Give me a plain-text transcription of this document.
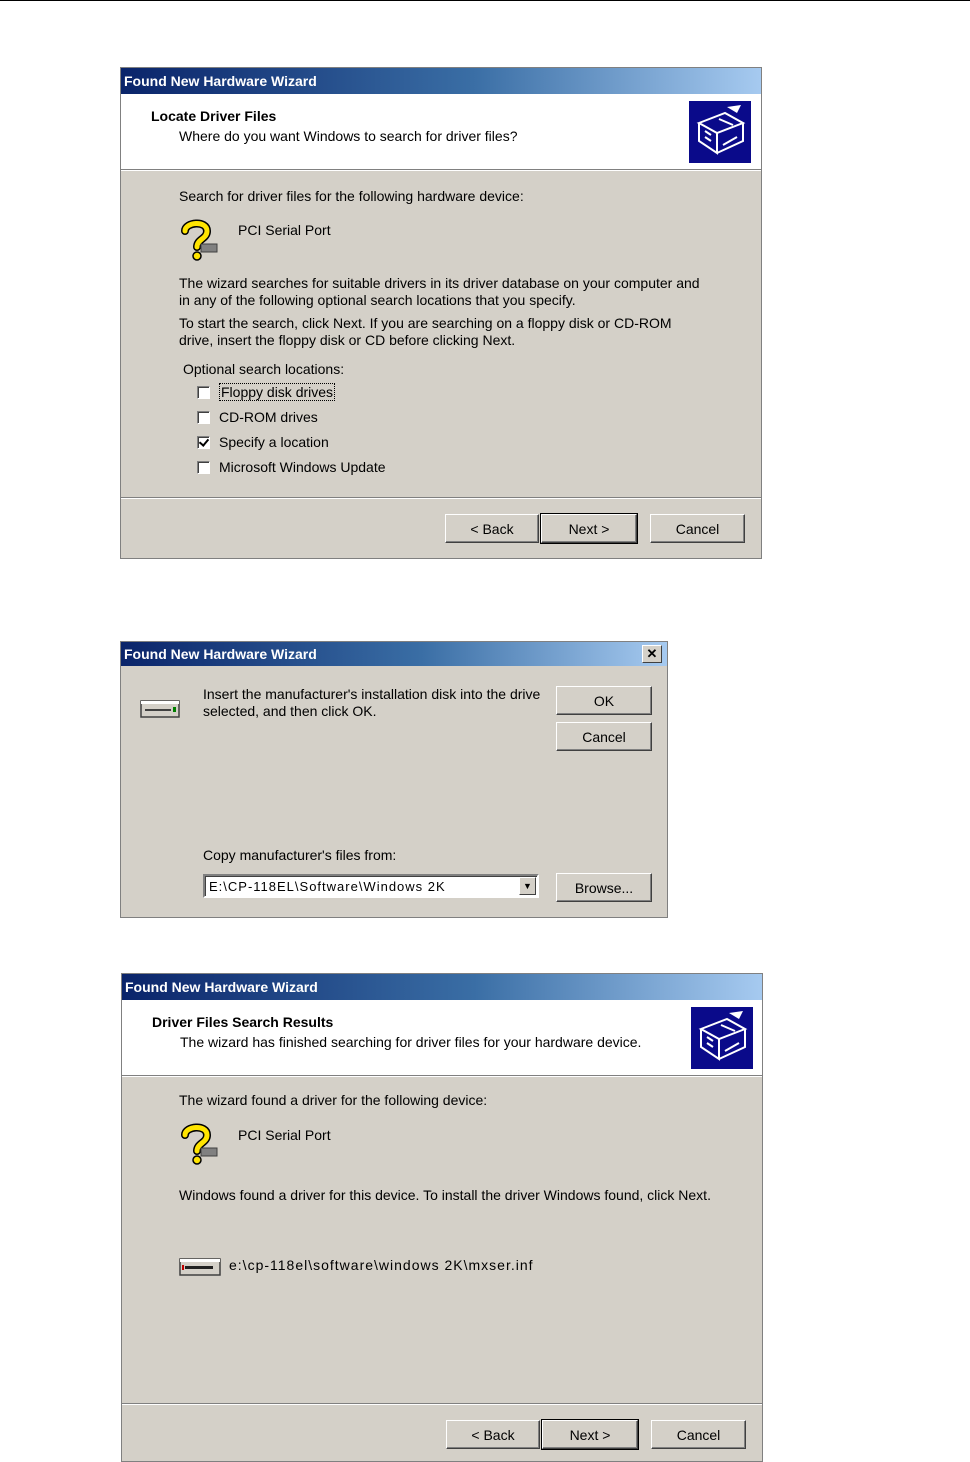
Found New Hardware Wizard
Locate Driver Files
Where do you want Windows to search for driver files?
Search for driver files for the following hardware device:
PCI Serial Port
The wizard searches for suitable drivers in its driver database on your computer and in any of the following optional search locations that you specify.
To start the search, click Next. If you are searching on a floppy disk or CD-ROM drive, insert the floppy disk or CD before clicking Next.
Optional search locations:
Floppy disk drives
CD-ROM drives
Specify a location
Microsoft Windows Update
< Back	Next >	Cancel
Found New Hardware Wizard	✕
Insert the manufacturer's installation disk into the drive selected, and then click OK.
OK
Cancel
Copy manufacturer's files from:
E:\CP-118EL\Software\Windows 2K	▼	Browse...
Found New Hardware Wizard
Driver Files Search Results
The wizard has finished searching for driver files for your hardware device.
The wizard found a driver for the following device:
PCI Serial Port
Windows found a driver for this device. To install the driver Windows found, click Next.
e:\cp-118el\software\windows 2K\mxser.inf
< Back	Next >	Cancel
